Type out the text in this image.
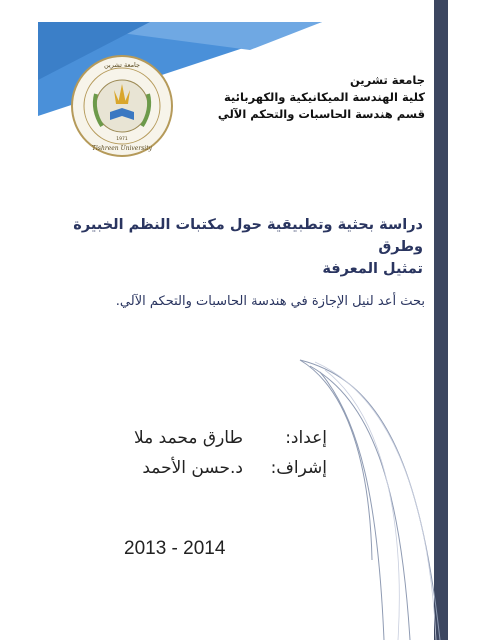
جامعة تشرين
1971
Tishreen University
جامعة تشرين
كلية الهندسة الميكانيكية والكهربائية
قسم هندسة الحاسبات والتحكم الآلي
دراسة بحثية وتطبيقية حول مكتبات النظم الخبيرة وطرق
تمثيل المعرفة
بحث أعد لنيل الإجازة في هندسة الحاسبات والتحكم الآلي.
إعداد:
طارق محمد ملا
إشراف:
د.حسن الأحمد
2013 - 2014
